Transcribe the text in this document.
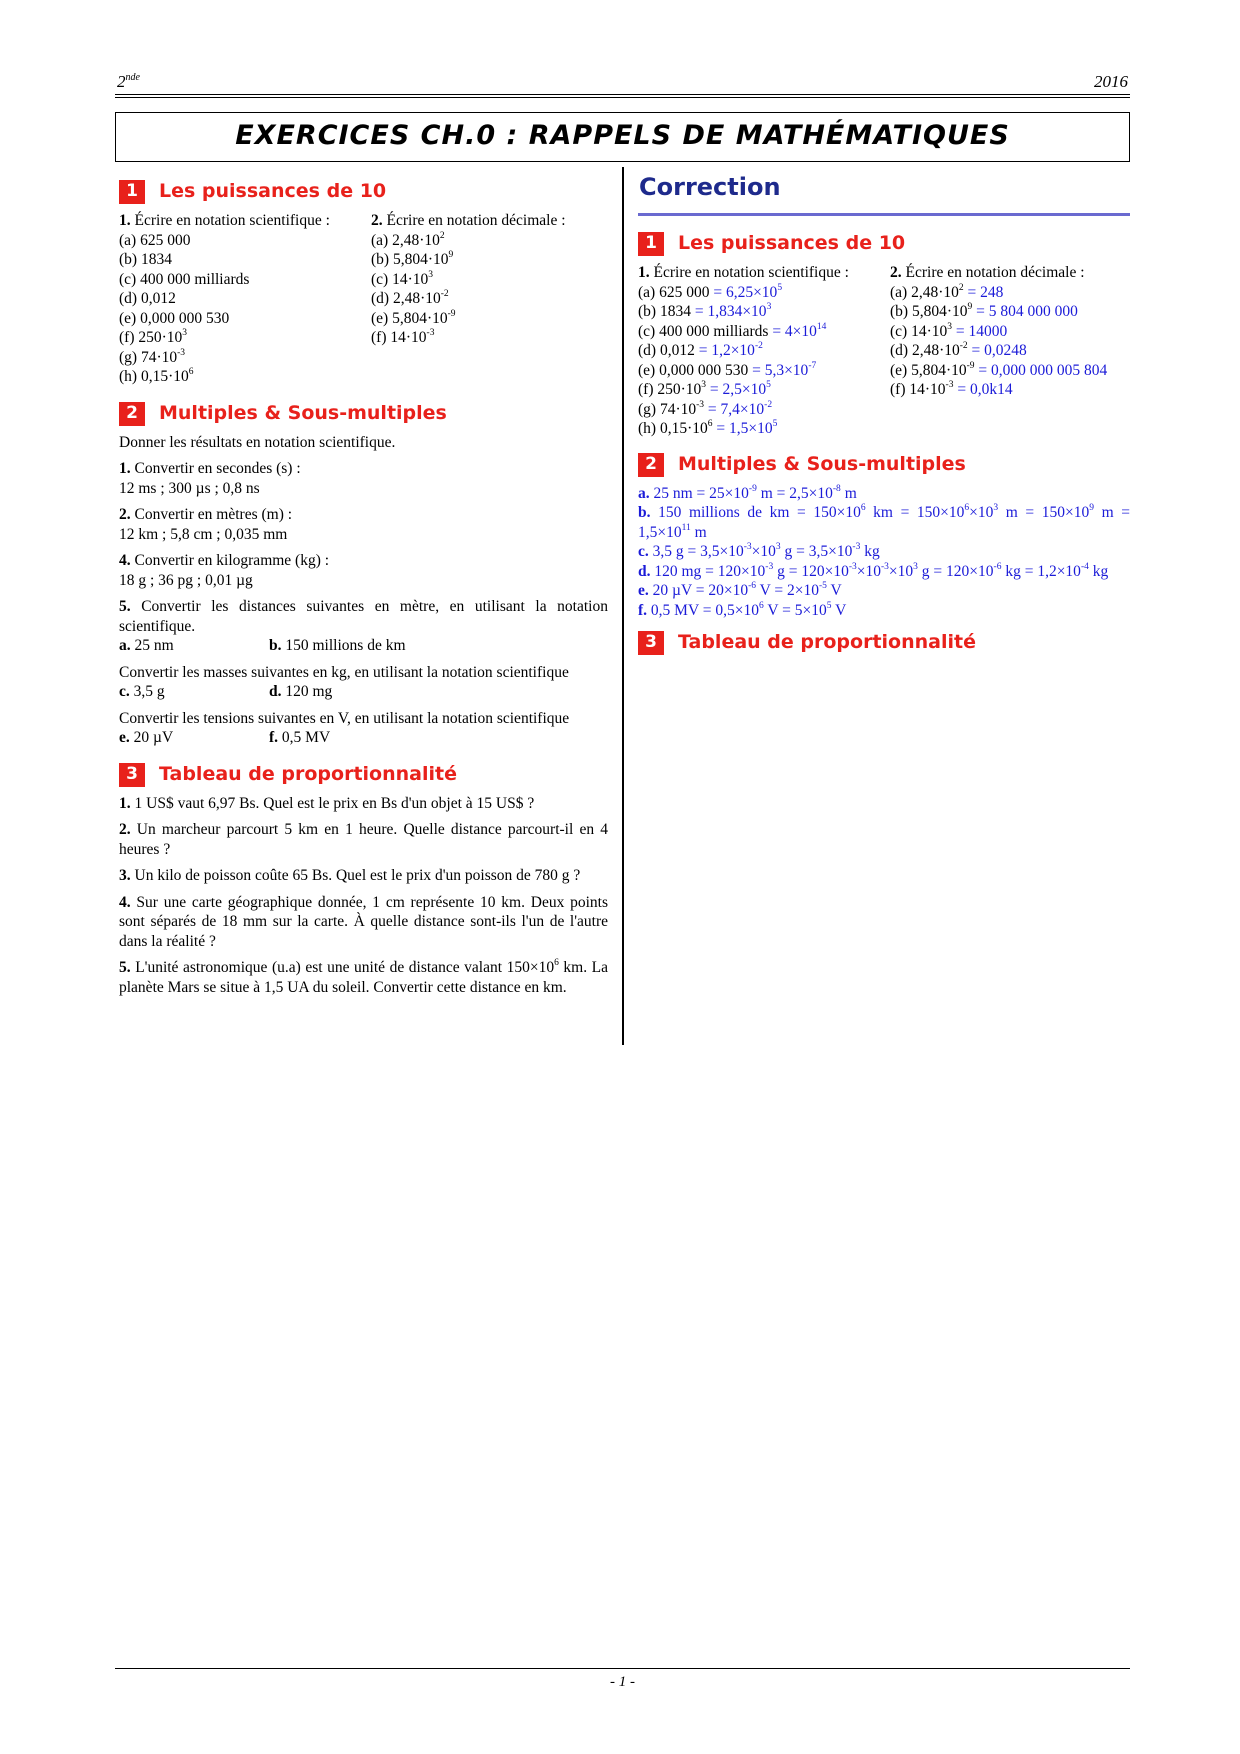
2nde	2016
EXERCICES CH.0 : RAPPELS DE MATHÉMATIQUES
1	Les puissances de 10

1. Écrire en notation scientifique :

(a) 625 000

(b) 1834

(c) 400 000 milliards

(d) 0,012

(e) 0,000 000 530

(f) $250\cdot 10^3$

(g) $74\cdot 10^{-3}$

(h) $0,15\cdot 10^6$

2. Écrire en notation décimale :

(a) $2,48\cdot 10^2$

(b) $5,804\cdot 10^9$

(c) $14\cdot 10^3$

(d) $2,48\cdot 10^{-2}$

(e) $5,804\cdot 10^{-9}$

(f) $14\cdot 10^{-3}$

2	Multiples & Sous-multiples

Donner les résultats en notation scientifique.

1. Convertir en secondes (s) :

12 ms ; 300 µs ; 0,8 ns

2. Convertir en mètres (m) :

12 km ; 5,8 cm ; 0,035 mm

4. Convertir en kilogramme (kg) :

18 g ; 36 pg ; 0,01 µg

5. Convertir les distances suivantes en mètre, en utilisant la notation scientifique.

a. 25 nm	b. 150 millions de km

Convertir les masses suivantes en kg, en utilisant la notation scientifique

c. 3,5 g	d. 120 mg

Convertir les tensions suivantes en V, en utilisant la notation scientifique

e. 20 µV	f. 0,5 MV
3	Tableau de proportionnalité

1. 1 US$ vaut 6,97 Bs. Quel est le prix en Bs d'un objet à 15 US$ ?

2. Un marcheur parcourt 5 km en 1 heure. Quelle distance parcourt-il en 4 heures ?

3. Un kilo de poisson coûte 65 Bs. Quel est le prix d'un poisson de 780 g ?

4. Sur une carte géographique donnée, 1 cm représente 10 km. Deux points sont séparés de 18 mm sur la carte. À quelle distance sont-ils l'un de l'autre dans la réalité ?

5. L'unité astronomique (u.a) est une unité de distance valant $150\times 10^6$ km. La planète Mars se situe à 1,5 UA du soleil. Convertir cette distance en km.

Correction
1	Les puissances de 10

1. Écrire en notation scientifique :

(a) 625 $000 = 6,25\times 10^5$

(b) $1834 = 1,834\times 10^3$

(c) 400 000 milliards = $4\times 10^{14}$

(d) $0,012 = 1,2\times 10^{-2}$

(e) 0,000 000 $530 = 5,3\times 10^{-7}$

(f) $250\cdot 10^3 = 2,5\times 10^5$

(g) $74\cdot 10^{-3} = 7,4\times 10^{-2}$

(h) $0,15\cdot 10^6 = 1,5\times 10^5$

2. Écrire en notation décimale :

(a) $2,48\cdot 10^2 = 248$

(b) $5,804\cdot 10^9 = 5$ 804 000 000

(c) $14\cdot 10^3 = 14000$

(d) $2,48\cdot 10^{-2} = 0,0248$

(e) $5,804\cdot 10^{-9} = 0,000$ 000 005 804

(f) $14\cdot 10^{-3} = 0,0k14$

2	Multiples & Sous-multiples

a. 25 nm = $25\times 10^{-9}$ $m = 2,5\times 10^{-8}$ m

b. 150 millions de km = $150\times 10^6$ km = $150\times 10^6\times 10^3$ $m = 150\times 10^9$ $m = 1,5\times 10^{11}$ m

c. 3,5 $g = 3,5\times 10^{-3}\times 10^3$ $g = 3,5\times 10^{-3}$ kg

d. 120 mg = $120\times 10^{-3}$ $g = 120\times 10^{-3}\times 10^{-3}\times 10^3$ $g = 120\times 10^{-6}$ kg = $1,2\times 10^{-4}$ kg

e. 20 $\mu V = 20\times 10^{-6}$ $V = 2\times 10^{-5}$ V

f. 0,5 MV = $0,5\times 10^6$ $V = 5\times 10^5$ V

3	Tableau de proportionnalité
- 1 -
